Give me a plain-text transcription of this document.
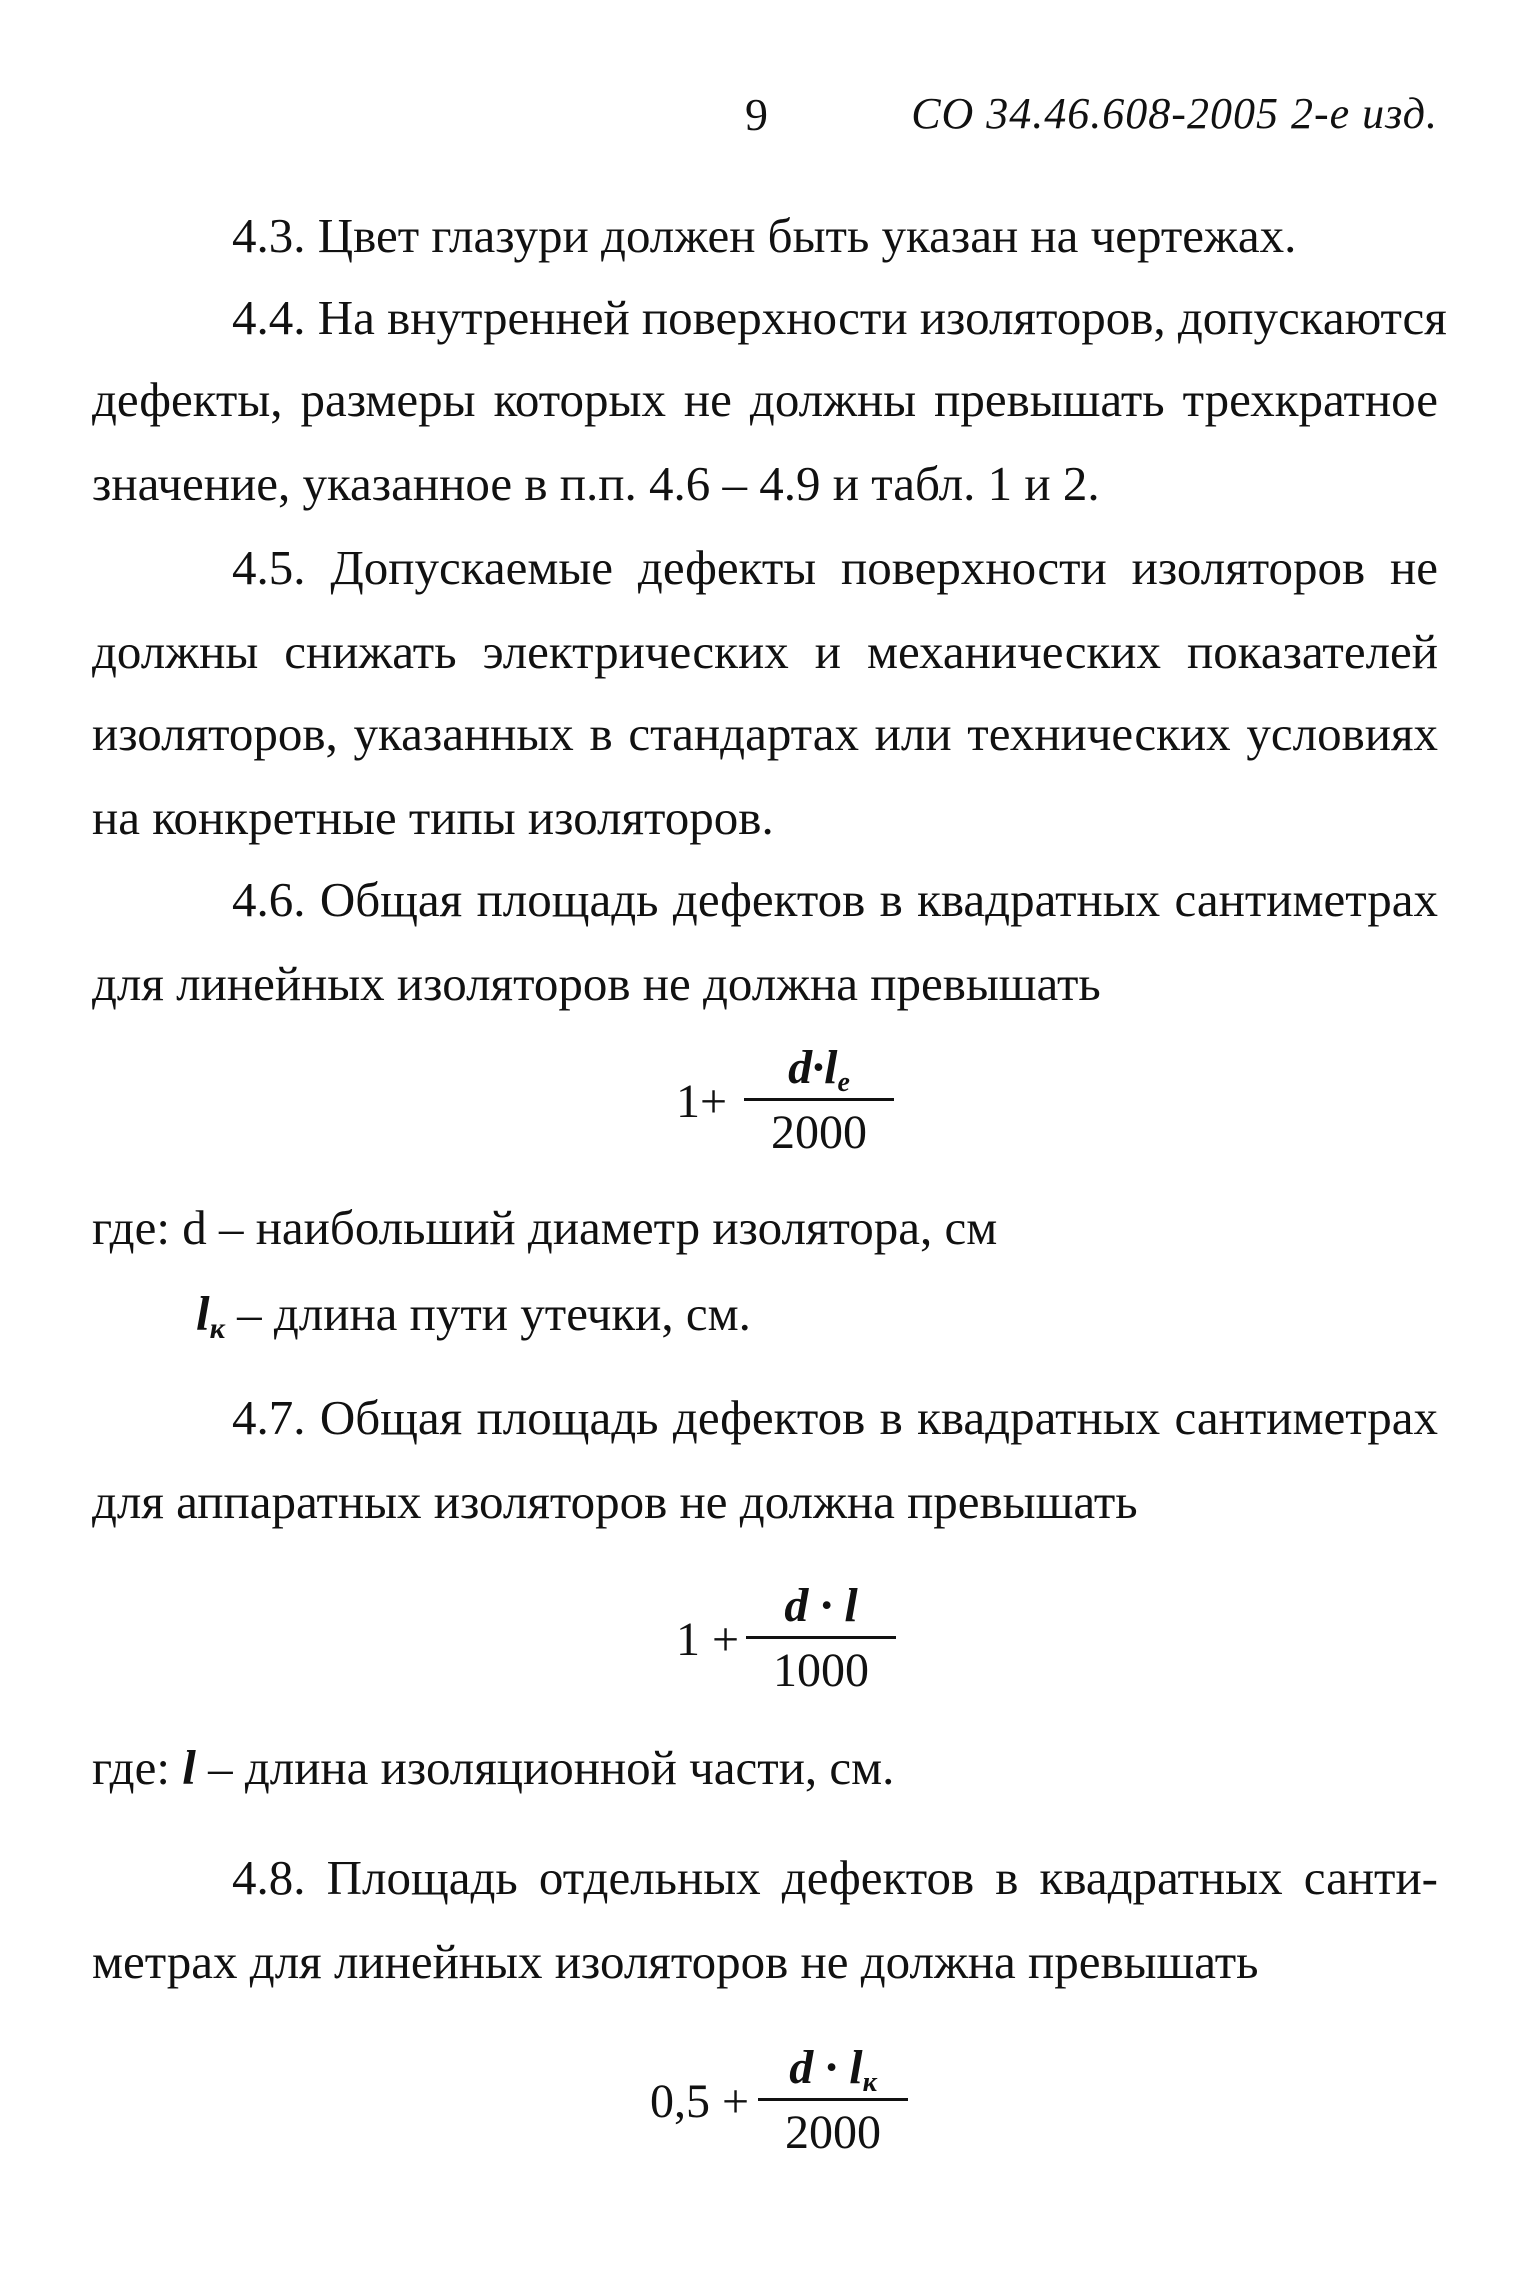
9	СО 34.46.608-2005 2-е изд.
4.3. Цвет глазури должен быть указан на чертежах.
4.4. На внутренней поверхности изоляторов, допускаются
дефекты, размеры которых не должны превышать трехкратное
значение, указанное в п.п. 4.6 – 4.9 и табл. 1 и 2.
4.5. Допускаемые дефекты поверхности изоляторов не
должны снижать электрических и механических показателей
изоляторов, указанных в стандартах или технических условиях
на конкретные типы изоляторов.
4.6. Общая площадь дефектов в квадратных сантиметрах
для линейных изоляторов не должна превышать
1+
$d\cdot l_e$
2000
где: d – наибольший диаметр изолятора, см
lк – длина пути утечки, см.
4.7. Общая площадь дефектов в квадратных сантиметрах
для аппаратных изоляторов не должна превышать
1 +
d · l
1000
где: l – длина изоляционной части, см.
4.8. Площадь отдельных дефектов в квадратных санти-
метрах для линейных изоляторов не должна превышать
0,5 +
$d \cdot l_к$
2000
